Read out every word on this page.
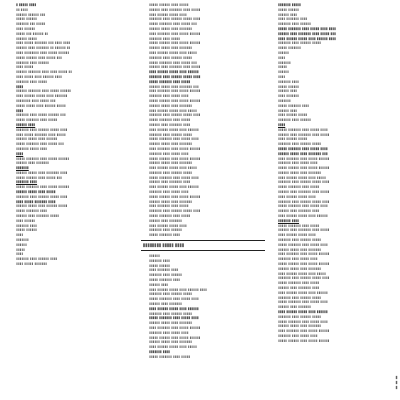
Ⅱ ⅡⅡⅡⅡⅡ ⅡⅡⅡⅡ
ⅡⅡ ⅡⅡⅡⅡ
ⅡⅡⅡⅡⅡⅡ ⅡⅡⅡⅡⅡⅡ ⅡⅡⅡ
ⅡⅡⅡⅡⅡ ⅡⅡⅡⅡⅡⅡ
ⅡⅡⅡⅡⅡⅡⅡ ⅡⅡⅡ ⅡⅡⅡⅡⅡ
ⅡⅡⅡⅡ ⅡⅡⅡⅡⅡⅡ
ⅡⅡⅡⅡⅡ ⅡⅡⅡ ⅡⅡⅡⅡⅡⅡ ⅡⅡ
ⅡⅡⅡⅡⅡⅡ ⅡⅡⅡⅡⅡ
ⅡⅡⅡⅡ ⅡⅡⅡⅡⅡ ⅡⅡⅡⅡⅡⅡⅡ ⅡⅡⅡ ⅡⅡⅡⅡ ⅡⅡⅡⅡ
ⅡⅡⅡⅡⅡⅡ ⅡⅡⅡⅡ ⅡⅡⅡⅡⅡⅡⅡ ⅡⅡ ⅡⅡⅡⅡⅡⅡ ⅡⅡ
ⅡⅡⅡⅡ ⅡⅡⅡⅡⅡⅡⅡⅡ ⅡⅡⅡⅡ ⅡⅡⅡⅡⅡ ⅡⅡⅡⅡⅡⅡ
ⅡⅡⅡⅡⅡ ⅡⅡⅡⅡⅡⅡ ⅡⅡⅡⅡ ⅡⅡⅡⅡⅡ ⅡⅡⅡ
ⅡⅡⅡⅡⅡⅡⅡ ⅡⅡⅡⅡ ⅡⅡⅡⅡⅡⅡ
ⅡⅡⅡⅡ ⅡⅡⅡⅡⅡ
ⅡⅡⅡⅡⅡⅡ ⅡⅡⅡⅡⅡⅡⅡ ⅡⅡⅡⅡ ⅡⅡⅡⅡ ⅡⅡⅡⅡⅡ ⅡⅡ
ⅡⅡⅡⅡ ⅡⅡⅡⅡⅡ ⅡⅡⅡⅡ ⅡⅡⅡⅡⅡⅡ ⅡⅡⅡⅡ
ⅡⅡⅡⅡⅡⅡⅡ ⅡⅡⅡⅡ ⅡⅡⅡⅡⅡ
ⅡⅡⅡⅡ
ⅡⅡⅡⅡⅡⅡ ⅡⅡⅡⅡⅡⅡⅡ ⅡⅡⅡⅡ ⅡⅡⅡⅡⅡ ⅡⅡⅡⅡⅡⅡ
ⅡⅡⅡⅡ ⅡⅡⅡⅡⅡⅡ ⅡⅡⅡⅡⅡ ⅡⅡⅡⅡ ⅡⅡⅡⅡⅡⅡⅡ
ⅡⅡⅡⅡⅡⅡⅡⅡ ⅡⅡⅡⅡ ⅡⅡⅡⅡⅡ ⅡⅡⅡ
ⅡⅡⅡⅡⅡ ⅡⅡⅡⅡⅡ ⅡⅡⅡⅡ ⅡⅡⅡⅡⅡⅡ ⅡⅡⅡⅡⅡ
ⅡⅡⅡⅡ
ⅡⅡⅡⅡⅡⅡⅡ ⅡⅡⅡⅡ ⅡⅡⅡⅡⅡ ⅡⅡⅡⅡⅡⅡ ⅡⅡⅡ
ⅡⅡⅡⅡⅡ ⅡⅡⅡⅡⅡⅡⅡ ⅡⅡⅡⅡ ⅡⅡⅡⅡⅡ
ⅡⅡⅡⅡⅡⅡ ⅡⅡⅡⅡ
ⅡⅡⅡⅡⅡⅡⅡ ⅡⅡⅡⅡ ⅡⅡⅡⅡⅡⅡ ⅡⅡⅡⅡⅡ ⅡⅡⅡⅡ
ⅡⅡⅡⅡ ⅡⅡⅡⅡⅡ ⅡⅡⅡⅡⅡⅡⅡ ⅡⅡⅡⅡ ⅡⅡⅡⅡⅡ
ⅡⅡⅡⅡⅡⅡ ⅡⅡⅡⅡⅡ ⅡⅡⅡⅡ ⅡⅡⅡⅡⅡⅡ
ⅡⅡⅡⅡⅡ ⅡⅡⅡⅡⅡⅡⅡ ⅡⅡⅡⅡ ⅡⅡⅡⅡⅡ ⅡⅡⅡ
ⅡⅡⅡⅡⅡⅡⅡ ⅡⅡⅡⅡⅡ ⅡⅡⅡⅡ
ⅡⅡⅡⅡ
ⅡⅡⅡⅡⅡ ⅡⅡⅡⅡⅡⅡⅡ ⅡⅡⅡⅡ ⅡⅡⅡⅡⅡ ⅡⅡⅡⅡⅡⅡ
ⅡⅡⅡⅡⅡⅡ ⅡⅡⅡⅡ ⅡⅡⅡⅡⅡⅡⅡ
ⅡⅡⅡⅡⅡⅡⅡ
ⅡⅡⅡⅡⅡⅡ ⅡⅡⅡⅡⅡ ⅡⅡⅡⅡ ⅡⅡⅡⅡⅡⅡⅡ ⅡⅡⅡⅡ
ⅡⅡⅡⅡⅡ ⅡⅡⅡⅡⅡⅡ ⅡⅡⅡⅡ ⅡⅡⅡⅡⅡ ⅡⅡⅡ
ⅡⅡⅡⅡⅡⅡⅡ ⅡⅡⅡⅡ
ⅡⅡⅡⅡⅡ ⅡⅡⅡⅡⅡⅡⅡ ⅡⅡⅡⅡ ⅡⅡⅡⅡⅡ ⅡⅡⅡⅡⅡⅡ
ⅡⅡⅡⅡⅡⅡ ⅡⅡⅡⅡⅡ ⅡⅡⅡⅡ ⅡⅡⅡⅡⅡ
ⅡⅡⅡⅡⅡⅡⅡ ⅡⅡⅡⅡ ⅡⅡⅡⅡⅡⅡ ⅡⅡⅡⅡⅡ ⅡⅡⅡⅡ
ⅡⅡⅡⅡ ⅡⅡⅡⅡⅡ ⅡⅡⅡⅡⅡⅡⅡ ⅡⅡⅡⅡ
ⅡⅡⅡⅡⅡⅡ ⅡⅡⅡⅡⅡ ⅡⅡⅡⅡ ⅡⅡⅡⅡⅡⅡ ⅡⅡⅡⅡⅡ
ⅡⅡⅡⅡⅡ ⅡⅡⅡⅡⅡⅡⅡ ⅡⅡⅡⅡ
ⅡⅡⅡⅡⅡⅡ ⅡⅡⅡⅡ ⅡⅡⅡⅡⅡⅡⅡ ⅡⅡⅡⅡⅡ
ⅡⅡⅡⅡ ⅡⅡⅡⅡⅡⅡ
ⅡⅡⅡⅡⅡⅡⅡ ⅡⅡⅡⅡ
ⅡⅡⅡⅡⅡ ⅡⅡⅡⅡⅡⅡ
ⅡⅡⅡⅡ
ⅡⅡⅡⅡⅡⅡⅡ
ⅡⅡⅡⅡⅡⅡ
ⅡⅡⅡⅡⅡ
ⅡⅡⅡⅡ
ⅡⅡⅡⅡⅡⅡⅡ ⅡⅡⅡⅡ ⅡⅡⅡⅡⅡⅡ ⅡⅡⅡⅡ
ⅡⅡⅡⅡ ⅡⅡⅡⅡⅡ ⅡⅡⅡⅡⅡⅡⅡ
ⅡⅡⅡⅡⅡ ⅡⅡⅡⅡⅡⅡ ⅡⅡⅡⅡ ⅡⅡⅡⅡⅡ
ⅡⅡⅡⅡⅡⅡ ⅡⅡⅡⅡ ⅡⅡⅡⅡⅡⅡⅡ ⅡⅡⅡⅡ ⅡⅡⅡⅡⅡ
ⅡⅡⅡⅡ ⅡⅡⅡⅡⅡⅡ ⅡⅡⅡⅡⅡ ⅡⅡⅡⅡ
ⅡⅡⅡⅡⅡⅡⅡ ⅡⅡⅡⅡ ⅡⅡⅡⅡⅡⅡ ⅡⅡⅡⅡⅡ ⅡⅡⅡⅡ
ⅡⅡⅡⅡⅡ ⅡⅡⅡⅡⅡⅡⅡ ⅡⅡⅡⅡ ⅡⅡⅡⅡⅡ ⅡⅡⅡ
ⅡⅡⅡⅡⅡⅡ ⅡⅡⅡⅡⅡ ⅡⅡⅡⅡ ⅡⅡⅡⅡⅡⅡⅡ
ⅡⅡⅡⅡ ⅡⅡⅡⅡⅡⅡⅡ ⅡⅡⅡⅡ ⅡⅡⅡⅡⅡ ⅡⅡⅡⅡⅡⅡ
ⅡⅡⅡⅡⅡⅡⅡ ⅡⅡⅡⅡ ⅡⅡⅡⅡⅡ
ⅡⅡⅡⅡⅡ ⅡⅡⅡⅡⅡⅡ ⅡⅡⅡⅡ ⅡⅡⅡⅡⅡ ⅡⅡⅡⅡⅡⅡ
ⅡⅡⅡⅡⅡⅡ ⅡⅡⅡⅡⅡ ⅡⅡⅡⅡ ⅡⅡⅡⅡⅡⅡⅡ
ⅡⅡⅡⅡ ⅡⅡⅡⅡⅡⅡ ⅡⅡⅡⅡⅡ ⅡⅡⅡⅡ ⅡⅡⅡⅡⅡ
ⅡⅡⅡⅡⅡⅡⅡ ⅡⅡⅡⅡ ⅡⅡⅡⅡⅡⅡ ⅡⅡⅡⅡⅡ
ⅡⅡⅡⅡⅡ ⅡⅡⅡⅡⅡⅡⅡ ⅡⅡⅡⅡ ⅡⅡⅡⅡⅡ ⅡⅡⅡ
ⅡⅡⅡⅡⅡⅡ ⅡⅡⅡⅡ ⅡⅡⅡⅡⅡⅡⅡ ⅡⅡⅡⅡ ⅡⅡⅡⅡⅡ
ⅡⅡⅡⅡ ⅡⅡⅡⅡⅡⅡ ⅡⅡⅡⅡⅡ ⅡⅡⅡⅡ ⅡⅡⅡⅡⅡⅡ
ⅡⅡⅡⅡⅡⅡⅡ ⅡⅡⅡⅡ ⅡⅡⅡⅡⅡⅡ ⅡⅡⅡⅡⅡ ⅡⅡⅡⅡ
ⅡⅡⅡⅡⅡ ⅡⅡⅡⅡⅡⅡⅡ ⅡⅡⅡⅡ ⅡⅡⅡⅡⅡ
ⅡⅡⅡⅡⅡⅡ ⅡⅡⅡⅡⅡ ⅡⅡⅡⅡ ⅡⅡⅡⅡⅡⅡⅡ ⅡⅡⅡ
ⅡⅡⅡⅡ ⅡⅡⅡⅡⅡⅡⅡ ⅡⅡⅡⅡ ⅡⅡⅡⅡⅡ ⅡⅡⅡⅡⅡⅡ
ⅡⅡⅡⅡⅡⅡⅡ ⅡⅡⅡⅡ ⅡⅡⅡⅡⅡ ⅡⅡⅡⅡ
ⅡⅡⅡⅡⅡ ⅡⅡⅡⅡⅡⅡ ⅡⅡⅡⅡ ⅡⅡⅡⅡⅡ ⅡⅡⅡⅡⅡⅡ
ⅡⅡⅡⅡⅡⅡ ⅡⅡⅡⅡⅡ ⅡⅡⅡⅡ ⅡⅡⅡⅡⅡⅡⅡ
ⅡⅡⅡⅡ ⅡⅡⅡⅡⅡⅡ ⅡⅡⅡⅡⅡ ⅡⅡⅡⅡ ⅡⅡⅡⅡⅡ
ⅡⅡⅡⅡⅡⅡⅡ ⅡⅡⅡⅡ ⅡⅡⅡⅡⅡⅡ ⅡⅡⅡⅡⅡ ⅡⅡⅡⅡ
ⅡⅡⅡⅡⅡ ⅡⅡⅡⅡⅡⅡⅡ ⅡⅡⅡⅡ ⅡⅡⅡⅡⅡ
ⅡⅡⅡⅡⅡⅡ ⅡⅡⅡⅡ ⅡⅡⅡⅡⅡⅡⅡ ⅡⅡⅡⅡ
ⅡⅡⅡⅡ ⅡⅡⅡⅡⅡⅡ ⅡⅡⅡⅡⅡ ⅡⅡⅡⅡ ⅡⅡⅡⅡⅡⅡ
ⅡⅡⅡⅡⅡⅡⅡ ⅡⅡⅡⅡ ⅡⅡⅡⅡⅡⅡ ⅡⅡⅡⅡⅡ
ⅡⅡⅡⅡⅡ ⅡⅡⅡⅡⅡⅡⅡ ⅡⅡⅡⅡ ⅡⅡⅡⅡⅡ ⅡⅡⅡⅡ
ⅡⅡⅡⅡⅡⅡ ⅡⅡⅡⅡⅡ ⅡⅡⅡⅡ ⅡⅡⅡⅡⅡⅡⅡ
ⅡⅡⅡⅡ ⅡⅡⅡⅡⅡⅡⅡ ⅡⅡⅡⅡ ⅡⅡⅡⅡⅡ ⅡⅡⅡⅡⅡⅡ
ⅡⅡⅡⅡⅡⅡⅡ ⅡⅡⅡⅡ ⅡⅡⅡⅡⅡ ⅡⅡⅡⅡ
ⅡⅡⅡⅡⅡ ⅡⅡⅡⅡⅡⅡ ⅡⅡⅡⅡ ⅡⅡⅡⅡⅡ ⅡⅡⅡⅡⅡⅡ
ⅡⅡⅡⅡⅡⅡ ⅡⅡⅡⅡⅡ ⅡⅡⅡⅡ ⅡⅡⅡⅡⅡⅡⅡ
ⅡⅡⅡⅡ ⅡⅡⅡⅡⅡⅡ ⅡⅡⅡⅡⅡ ⅡⅡⅡⅡ ⅡⅡⅡⅡⅡ
ⅡⅡⅡⅡⅡⅡⅡ ⅡⅡⅡⅡ ⅡⅡⅡⅡⅡⅡ ⅡⅡⅡⅡⅡ
ⅡⅡⅡⅡⅡ ⅡⅡⅡⅡⅡⅡⅡ ⅡⅡⅡⅡ ⅡⅡⅡⅡⅡ ⅡⅡⅡⅡ
ⅡⅡⅡⅡⅡⅡ ⅡⅡⅡⅡ ⅡⅡⅡⅡⅡⅡⅡ ⅡⅡⅡⅡ
ⅡⅡⅡⅡ ⅡⅡⅡⅡⅡⅡ ⅡⅡⅡⅡⅡ ⅡⅡⅡⅡ ⅡⅡⅡⅡⅡⅡ
ⅡⅡⅡⅡⅡⅡⅡ ⅡⅡⅡⅡ ⅡⅡⅡⅡⅡ ⅡⅡⅡⅡ
ⅡⅡⅡⅡⅡ ⅡⅡⅡⅡⅡⅡ ⅡⅡⅡⅡ ⅡⅡⅡⅡⅡ ⅡⅡⅡⅡⅡⅡ
ⅡⅡⅡⅡⅡⅡ ⅡⅡⅡⅡⅡ ⅡⅡⅡⅡ ⅡⅡⅡⅡⅡⅡⅡ
ⅡⅡⅡⅡ ⅡⅡⅡⅡⅡⅡⅡ ⅡⅡⅡⅡ ⅡⅡⅡⅡⅡ
ⅡⅡⅡⅡⅡⅡⅡ ⅡⅡⅡⅡ ⅡⅡⅡⅡⅡⅡ ⅡⅡⅡⅡⅡ ⅡⅡⅡⅡ
ⅡⅡⅡⅡⅡ ⅡⅡⅡⅡⅡⅡⅡ ⅡⅡⅡⅡ ⅡⅡⅡⅡⅡ
ⅡⅡⅡⅡⅡⅡ ⅡⅡⅡⅡ ⅡⅡⅡⅡⅡⅡⅡ
ⅡⅡⅡⅡ ⅡⅡⅡⅡⅡⅡ ⅡⅡⅡⅡⅡ ⅡⅡⅡⅡ
ⅡⅡⅡⅡⅡⅡⅡ ⅡⅡⅡⅡ ⅡⅡⅡⅡⅡⅡ
ⅡⅡⅡⅡⅡ ⅡⅡⅡⅡⅡⅡⅡ ⅡⅡⅡⅡ
ⅡⅡⅡⅡⅡⅡⅡⅡ ⅡⅡⅡⅡⅡ ⅡⅡⅡⅡ
ⅡⅡⅡⅡⅡⅡ
ⅡⅡⅡⅡⅡⅡⅡ ⅡⅡⅡⅡ
ⅡⅡⅡⅡⅡ ⅡⅡⅡⅡⅡⅡ
ⅡⅡⅡⅡ ⅡⅡⅡⅡⅡⅡⅡ ⅡⅡⅡⅡ
ⅡⅡⅡⅡⅡⅡⅡ ⅡⅡⅡⅡ ⅡⅡⅡⅡⅡⅡ
ⅡⅡⅡⅡⅡ ⅡⅡⅡⅡⅡⅡⅡ ⅡⅡⅡⅡ
ⅡⅡⅡⅡⅡⅡ ⅡⅡⅡⅡ
ⅡⅡⅡⅡ ⅡⅡⅡⅡⅡⅡ ⅡⅡⅡⅡⅡ ⅡⅡⅡⅡ ⅡⅡⅡⅡⅡⅡ ⅡⅡⅡⅡ
ⅡⅡⅡⅡⅡⅡⅡ ⅡⅡⅡⅡ ⅡⅡⅡⅡⅡⅡ ⅡⅡⅡⅡⅡ
ⅡⅡⅡⅡⅡ ⅡⅡⅡⅡⅡⅡⅡ ⅡⅡⅡⅡ ⅡⅡⅡⅡⅡ ⅡⅡⅡⅡ
ⅡⅡⅡⅡⅡⅡ ⅡⅡⅡⅡ ⅡⅡⅡⅡⅡⅡⅡ
ⅡⅡⅡⅡ ⅡⅡⅡⅡⅡⅡ ⅡⅡⅡⅡⅡ ⅡⅡⅡⅡ ⅡⅡⅡⅡⅡⅡ
ⅡⅡⅡⅡⅡⅡⅡ ⅡⅡⅡⅡ ⅡⅡⅡⅡⅡⅡ ⅡⅡⅡⅡⅡ
ⅡⅡⅡⅡⅡ ⅡⅡⅡⅡⅡⅡⅡ ⅡⅡⅡⅡ ⅡⅡⅡⅡⅡ ⅡⅡⅡⅡ
ⅡⅡⅡⅡⅡⅡ ⅡⅡⅡⅡⅡ ⅡⅡⅡⅡ ⅡⅡⅡⅡⅡⅡⅡ
ⅡⅡⅡⅡ ⅡⅡⅡⅡⅡⅡⅡ ⅡⅡⅡⅡ ⅡⅡⅡⅡⅡ ⅡⅡⅡⅡⅡⅡ
ⅡⅡⅡⅡⅡⅡⅡ ⅡⅡⅡⅡ ⅡⅡⅡⅡⅡ ⅡⅡⅡⅡ
ⅡⅡⅡⅡⅡ ⅡⅡⅡⅡⅡⅡ ⅡⅡⅡⅡ ⅡⅡⅡⅡⅡ ⅡⅡⅡⅡⅡⅡ
ⅡⅡⅡⅡⅡⅡ ⅡⅡⅡⅡⅡ ⅡⅡⅡⅡ ⅡⅡⅡⅡⅡⅡⅡ
ⅡⅡⅡⅡ ⅡⅡⅡⅡⅡⅡ ⅡⅡⅡⅡⅡ ⅡⅡⅡⅡ ⅡⅡⅡⅡⅡ
ⅡⅡⅡⅡⅡⅡⅡ ⅡⅡⅡⅡ
ⅡⅡⅡⅡⅡ ⅡⅡⅡⅡⅡⅡⅡ ⅡⅡⅡⅡ ⅡⅡⅡⅡⅡ
ⅡⅡⅡⅡⅡⅡⅡ ⅡⅡⅡⅡⅡ
ⅡⅡⅡⅡⅡ ⅡⅡⅡⅡⅡⅡ
ⅡⅡⅡⅡⅡⅡ ⅡⅡⅡⅡ
ⅡⅡⅡⅡ ⅡⅡⅡⅡⅡⅡⅡ ⅡⅡⅡⅡ
ⅡⅡⅡⅡⅡⅡⅡ ⅡⅡⅡⅡ ⅡⅡⅡⅡⅡⅡ
ⅡⅡⅡⅡⅡ ⅡⅡⅡⅡⅡⅡⅡ ⅡⅡⅡⅡ ⅡⅡⅡⅡⅡ ⅡⅡⅡⅡ ⅡⅡⅡⅡ
ⅡⅡⅡⅡⅡⅡ ⅡⅡⅡⅡ ⅡⅡⅡⅡⅡⅡⅡ ⅡⅡⅡⅡ ⅡⅡⅡⅡⅡ ⅡⅡⅡ
ⅡⅡⅡⅡ ⅡⅡⅡⅡⅡⅡ ⅡⅡⅡⅡⅡ ⅡⅡⅡⅡ ⅡⅡⅡⅡⅡⅡ ⅡⅡⅡⅡ
ⅡⅡⅡⅡⅡⅡⅡ ⅡⅡⅡⅡ ⅡⅡⅡⅡⅡⅡ ⅡⅡⅡⅡⅡ
ⅡⅡⅡⅡⅡ ⅡⅡⅡⅡⅡⅡⅡ
ⅡⅡⅡⅡⅡⅡ
ⅡⅡⅡⅡ
ⅡⅡⅡⅡⅡⅡⅡ
ⅡⅡⅡⅡⅡ
ⅡⅡⅡⅡⅡⅡ
ⅡⅡⅡⅡ
ⅡⅡⅡⅡⅡⅡⅡ ⅡⅡⅡⅡ
ⅡⅡⅡⅡⅡ ⅡⅡⅡⅡⅡⅡ
ⅡⅡⅡⅡⅡⅡ ⅡⅡⅡⅡ
ⅡⅡⅡⅡ ⅡⅡⅡⅡⅡⅡⅡ
ⅡⅡⅡⅡⅡⅡⅡ
ⅡⅡⅡⅡⅡ ⅡⅡⅡⅡⅡⅡⅡ ⅡⅡⅡⅡ
ⅡⅡⅡⅡⅡⅡ ⅡⅡⅡⅡ
ⅡⅡⅡⅡ ⅡⅡⅡⅡⅡⅡ ⅡⅡⅡⅡⅡ
ⅡⅡⅡⅡⅡⅡⅡ ⅡⅡⅡⅡ ⅡⅡⅡⅡⅡⅡ
ⅡⅡⅡⅡ
ⅡⅡⅡⅡⅡ ⅡⅡⅡⅡⅡⅡⅡ ⅡⅡⅡⅡ ⅡⅡⅡⅡⅡ ⅡⅡⅡⅡ
ⅡⅡⅡⅡⅡⅡ ⅡⅡⅡⅡ ⅡⅡⅡⅡⅡⅡⅡ ⅡⅡⅡⅡ ⅡⅡⅡⅡⅡ
ⅡⅡⅡⅡ ⅡⅡⅡⅡⅡⅡ ⅡⅡⅡⅡⅡ
ⅡⅡⅡⅡⅡⅡⅡ ⅡⅡⅡⅡ ⅡⅡⅡⅡⅡⅡ ⅡⅡⅡⅡⅡ
ⅡⅡⅡⅡⅡ ⅡⅡⅡⅡⅡⅡⅡ ⅡⅡⅡⅡ ⅡⅡⅡⅡⅡ ⅡⅡⅡⅡ
ⅡⅡⅡⅡⅡⅡ ⅡⅡⅡⅡⅡ ⅡⅡⅡⅡ ⅡⅡⅡⅡⅡⅡⅡ ⅡⅡⅡ
ⅡⅡⅡⅡ ⅡⅡⅡⅡⅡⅡⅡ ⅡⅡⅡⅡ ⅡⅡⅡⅡⅡ ⅡⅡⅡⅡⅡⅡ
ⅡⅡⅡⅡⅡⅡⅡ ⅡⅡⅡⅡ ⅡⅡⅡⅡⅡ ⅡⅡⅡⅡ
ⅡⅡⅡⅡⅡ ⅡⅡⅡⅡⅡⅡ ⅡⅡⅡⅡ ⅡⅡⅡⅡⅡ ⅡⅡⅡⅡⅡⅡ
ⅡⅡⅡⅡⅡⅡ ⅡⅡⅡⅡⅡ ⅡⅡⅡⅡ ⅡⅡⅡⅡⅡⅡⅡ
ⅡⅡⅡⅡ ⅡⅡⅡⅡⅡⅡ ⅡⅡⅡⅡⅡ ⅡⅡⅡⅡ ⅡⅡⅡⅡⅡ
ⅡⅡⅡⅡⅡⅡⅡ ⅡⅡⅡⅡ ⅡⅡⅡⅡⅡⅡ ⅡⅡⅡⅡⅡ ⅡⅡⅡⅡ
ⅡⅡⅡⅡⅡ ⅡⅡⅡⅡⅡⅡⅡ ⅡⅡⅡⅡ ⅡⅡⅡⅡⅡ
ⅡⅡⅡⅡⅡⅡ ⅡⅡⅡⅡ ⅡⅡⅡⅡⅡⅡⅡ ⅡⅡⅡⅡ ⅡⅡⅡⅡⅡ
ⅡⅡⅡⅡ ⅡⅡⅡⅡⅡⅡ ⅡⅡⅡⅡⅡ ⅡⅡⅡⅡ
ⅡⅡⅡⅡⅡⅡⅡ ⅡⅡⅡⅡ ⅡⅡⅡⅡⅡⅡ ⅡⅡⅡⅡⅡ ⅡⅡⅡⅡ
ⅡⅡⅡⅡⅡ ⅡⅡⅡⅡⅡⅡⅡ ⅡⅡⅡⅡ ⅡⅡⅡⅡⅡ ⅡⅡⅡⅡ
ⅡⅡⅡⅡⅡⅡ ⅡⅡⅡⅡ ⅡⅡⅡⅡⅡⅡⅡ ⅡⅡⅡⅡ
ⅡⅡⅡⅡ ⅡⅡⅡⅡⅡⅡ ⅡⅡⅡⅡⅡ ⅡⅡⅡⅡ ⅡⅡⅡⅡⅡⅡ
ⅡⅡⅡⅡⅡⅡⅡ ⅡⅡⅡⅡ
ⅡⅡⅡⅡⅡ ⅡⅡⅡⅡⅡⅡⅡ ⅡⅡⅡⅡ ⅡⅡⅡⅡⅡ
ⅡⅡⅡⅡⅡⅡ ⅡⅡⅡⅡ ⅡⅡⅡⅡⅡⅡⅡ ⅡⅡⅡⅡ ⅡⅡⅡⅡⅡ
ⅡⅡⅡⅡ ⅡⅡⅡⅡⅡⅡ ⅡⅡⅡⅡⅡ ⅡⅡⅡⅡ
ⅡⅡⅡⅡⅡⅡⅡ ⅡⅡⅡⅡ ⅡⅡⅡⅡⅡⅡ ⅡⅡⅡⅡⅡ
ⅡⅡⅡⅡⅡ ⅡⅡⅡⅡⅡⅡⅡ ⅡⅡⅡⅡ ⅡⅡⅡⅡⅡ ⅡⅡⅡⅡ
ⅡⅡⅡⅡⅡⅡ ⅡⅡⅡⅡⅡ ⅡⅡⅡⅡ ⅡⅡⅡⅡⅡⅡⅡ
ⅡⅡⅡⅡ ⅡⅡⅡⅡⅡⅡⅡ ⅡⅡⅡⅡ ⅡⅡⅡⅡⅡ ⅡⅡⅡⅡⅡⅡ
ⅡⅡⅡⅡⅡⅡⅡ ⅡⅡⅡⅡ ⅡⅡⅡⅡⅡ ⅡⅡⅡⅡ
ⅡⅡⅡⅡⅡ ⅡⅡⅡⅡⅡⅡ ⅡⅡⅡⅡ ⅡⅡⅡⅡⅡ ⅡⅡⅡⅡⅡⅡ
ⅡⅡⅡⅡⅡⅡ ⅡⅡⅡⅡⅡ ⅡⅡⅡⅡ ⅡⅡⅡⅡⅡⅡⅡ
ⅡⅡⅡⅡ ⅡⅡⅡⅡⅡⅡ ⅡⅡⅡⅡⅡ ⅡⅡⅡⅡ ⅡⅡⅡⅡⅡ
ⅡⅡⅡⅡⅡⅡⅡ ⅡⅡⅡⅡ ⅡⅡⅡⅡⅡⅡ ⅡⅡⅡⅡⅡ ⅡⅡⅡⅡ
ⅡⅡⅡⅡⅡ ⅡⅡⅡⅡⅡⅡⅡ ⅡⅡⅡⅡ ⅡⅡⅡⅡⅡ
ⅡⅡⅡⅡⅡⅡ ⅡⅡⅡⅡ ⅡⅡⅡⅡⅡⅡⅡ ⅡⅡⅡⅡ
ⅡⅡⅡⅡ ⅡⅡⅡⅡⅡⅡ ⅡⅡⅡⅡⅡ ⅡⅡⅡⅡ ⅡⅡⅡⅡⅡⅡ
ⅡⅡⅡⅡⅡⅡⅡ ⅡⅡⅡⅡ ⅡⅡⅡⅡⅡⅡ ⅡⅡⅡⅡⅡ
ⅡⅡⅡⅡⅡ ⅡⅡⅡⅡⅡⅡⅡ ⅡⅡⅡⅡ ⅡⅡⅡⅡⅡ ⅡⅡⅡⅡ
ⅡⅡⅡⅡⅡⅡ ⅡⅡⅡⅡ ⅡⅡⅡⅡⅡⅡⅡ
ⅡⅡⅡⅡ ⅡⅡⅡⅡⅡⅡ ⅡⅡⅡⅡⅡ ⅡⅡⅡⅡ ⅡⅡⅡⅡⅡⅡ
ⅡⅡⅡⅡⅡⅡⅡ ⅡⅡⅡⅡ ⅡⅡⅡⅡⅡⅡ ⅡⅡⅡⅡⅡ
ⅡⅡⅡⅡⅡ ⅡⅡⅡⅡⅡⅡⅡ ⅡⅡⅡⅡ ⅡⅡⅡⅡⅡ ⅡⅡⅡⅡ
ⅡⅡⅡⅡⅡⅡ ⅡⅡⅡⅡⅡ ⅡⅡⅡⅡ ⅡⅡⅡⅡⅡⅡⅡ
ⅡⅡⅡⅡ ⅡⅡⅡⅡⅡⅡⅡ ⅡⅡⅡⅡ ⅡⅡⅡⅡⅡ ⅡⅡⅡⅡⅡⅡ
ⅡⅡⅡⅡⅡⅡⅡ ⅡⅡⅡⅡ ⅡⅡⅡⅡⅡ ⅡⅡⅡⅡ
ⅡⅡⅡⅡⅡ ⅡⅡⅡⅡⅡⅡ ⅡⅡⅡⅡ ⅡⅡⅡⅡⅡ ⅡⅡⅡⅡⅡⅡ
ⅡⅡⅡ
